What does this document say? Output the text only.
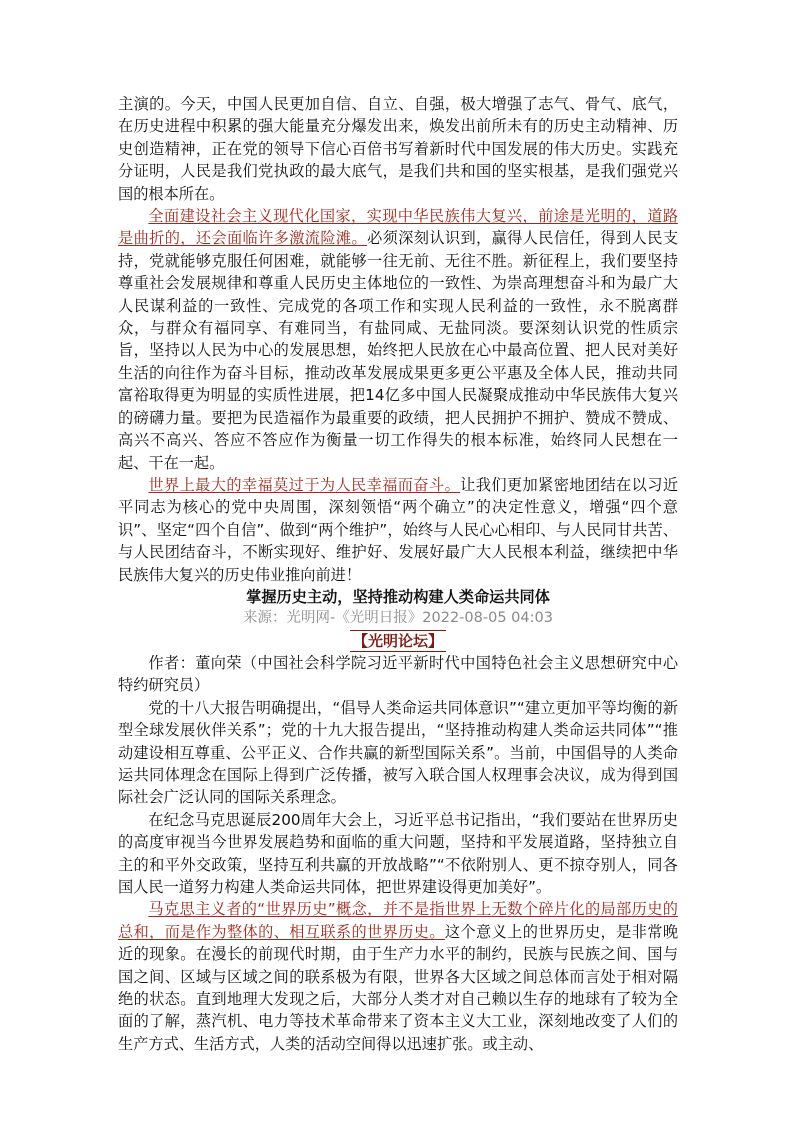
主演的。今天，中国人民更加自信、自立、自强，极大增强了志气、骨气、底气，在历史进程中积累的强大能量充分爆发出来，焕发出前所未有的历史主动精神、历史创造精神，正在党的领导下信心百倍书写着新时代中国发展的伟大历史。实践充分证明，人民是我们党执政的最大底气，是我们共和国的坚实根基，是我们强党兴国的根本所在。

全面建设社会主义现代化国家，实现中华民族伟大复兴，前途是光明的，道路是曲折的，还会面临许多激流险滩。必须深刻认识到，赢得人民信任，得到人民支持，党就能够克服任何困难，就能够一往无前、无往不胜。新征程上，我们要坚持尊重社会发展规律和尊重人民历史主体地位的一致性、为崇高理想奋斗和为最广大人民谋利益的一致性、完成党的各项工作和实现人民利益的一致性，永不脱离群众，与群众有福同享、有难同当，有盐同咸、无盐同淡。要深刻认识党的性质宗旨，坚持以人民为中心的发展思想，始终把人民放在心中最高位置、把人民对美好生活的向往作为奋斗目标，推动改革发展成果更多更公平惠及全体人民，推动共同富裕取得更为明显的实质性进展，把14亿多中国人民凝聚成推动中华民族伟大复兴的磅礴力量。要把为民造福作为最重要的政绩，把人民拥护不拥护、赞成不赞成、高兴不高兴、答应不答应作为衡量一切工作得失的根本标准，始终同人民想在一起、干在一起。

世界上最大的幸福莫过于为人民幸福而奋斗。让我们更加紧密地团结在以习近平同志为核心的党中央周围，深刻领悟“两个确立”的决定性意义，增强“四个意识”、坚定“四个自信”、做到“两个维护”，始终与人民心心相印、与人民同甘共苦、与人民团结奋斗，不断实现好、维护好、发展好最广大人民根本利益，继续把中华民族伟大复兴的历史伟业推向前进！

掌握历史主动，坚持推动构建人类命运共同体

来源：光明网-《光明日报》2022-08-05 04:03

【光明论坛】

作者：董向荣（中国社会科学院习近平新时代中国特色社会主义思想研究中心特约研究员）

党的十八大报告明确提出，“倡导人类命运共同体意识”“建立更加平等均衡的新型全球发展伙伴关系”；党的十九大报告提出，“坚持推动构建人类命运共同体”“推动建设相互尊重、公平正义、合作共赢的新型国际关系”。当前，中国倡导的人类命运共同体理念在国际上得到广泛传播，被写入联合国人权理事会决议，成为得到国际社会广泛认同的国际关系理念。

在纪念马克思诞辰200周年大会上，习近平总书记指出，“我们要站在世界历史的高度审视当今世界发展趋势和面临的重大问题，坚持和平发展道路，坚持独立自主的和平外交政策，坚持互利共赢的开放战略”“不依附别人、更不掠夺别人，同各国人民一道努力构建人类命运共同体，把世界建设得更加美好”。

马克思主义者的“世界历史”概念，并不是指世界上无数个碎片化的局部历史的总和，而是作为整体的、相互联系的世界历史。这个意义上的世界历史，是非常晚近的现象。在漫长的前现代时期，由于生产力水平的制约，民族与民族之间、国与国之间、区域与区域之间的联系极为有限，世界各大区域之间总体而言处于相对隔绝的状态。直到地理大发现之后，大部分人类才对自己赖以生存的地球有了较为全面的了解，蒸汽机、电力等技术革命带来了资本主义大工业，深刻地改变了人们的生产方式、生活方式，人类的活动空间得以迅速扩张。或主动、
